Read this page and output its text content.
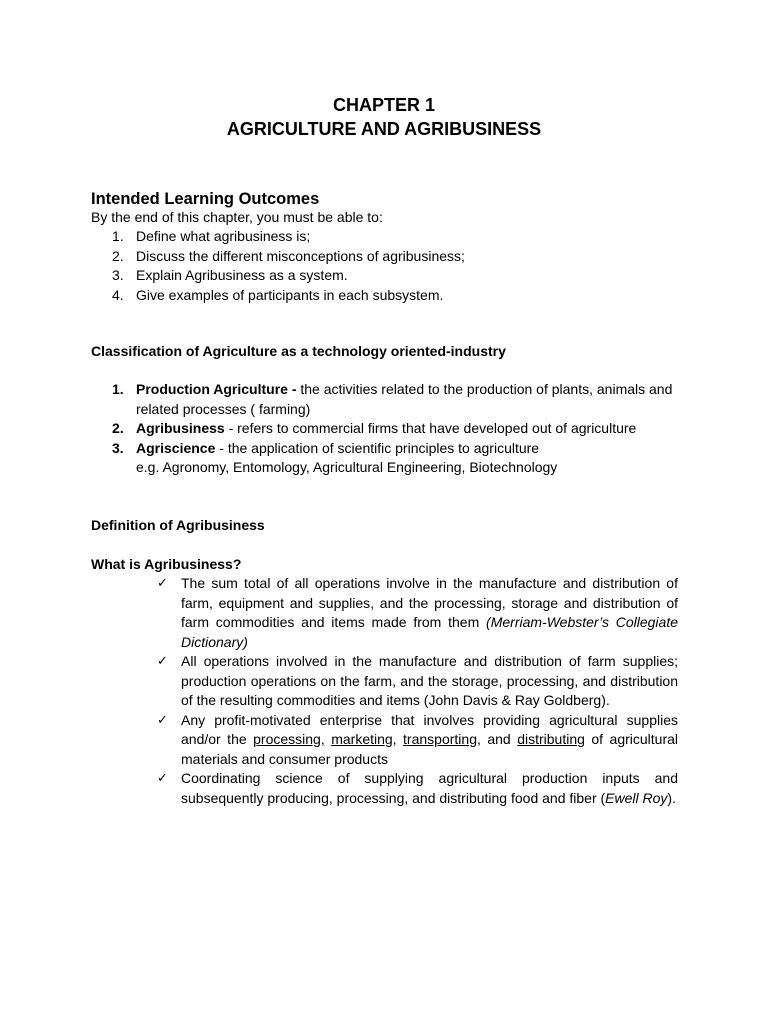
CHAPTER 1
AGRICULTURE AND AGRIBUSINESS
Intended Learning Outcomes
By the end of this chapter, you must be able to:
1. Define what agribusiness is;
2. Discuss the different misconceptions of agribusiness;
3. Explain Agribusiness as a system.
4. Give examples of participants in each subsystem.
Classification of Agriculture as a technology oriented-industry
1. Production Agriculture - the activities related to the production of plants, animals and related processes ( farming)
2. Agribusiness - refers to commercial firms that have developed out of agriculture
3. Agriscience - the application of scientific principles to agriculture
e.g. Agronomy, Entomology, Agricultural Engineering, Biotechnology
Definition of Agribusiness
What is Agribusiness?
✓ The sum total of all operations involve in the manufacture and distribution of farm, equipment and supplies, and the processing, storage and distribution of farm commodities and items made from them (Merriam-Webster’s Collegiate Dictionary)
✓ All operations involved in the manufacture and distribution of farm supplies; production operations on the farm, and the storage, processing, and distribution of the resulting commodities and items (John Davis & Ray Goldberg).
✓ Any profit-motivated enterprise that involves providing agricultural supplies and/or the processing, marketing, transporting, and distributing of agricultural materials and consumer products
✓ Coordinating science of supplying agricultural production inputs and subsequently producing, processing, and distributing food and fiber (Ewell Roy).
